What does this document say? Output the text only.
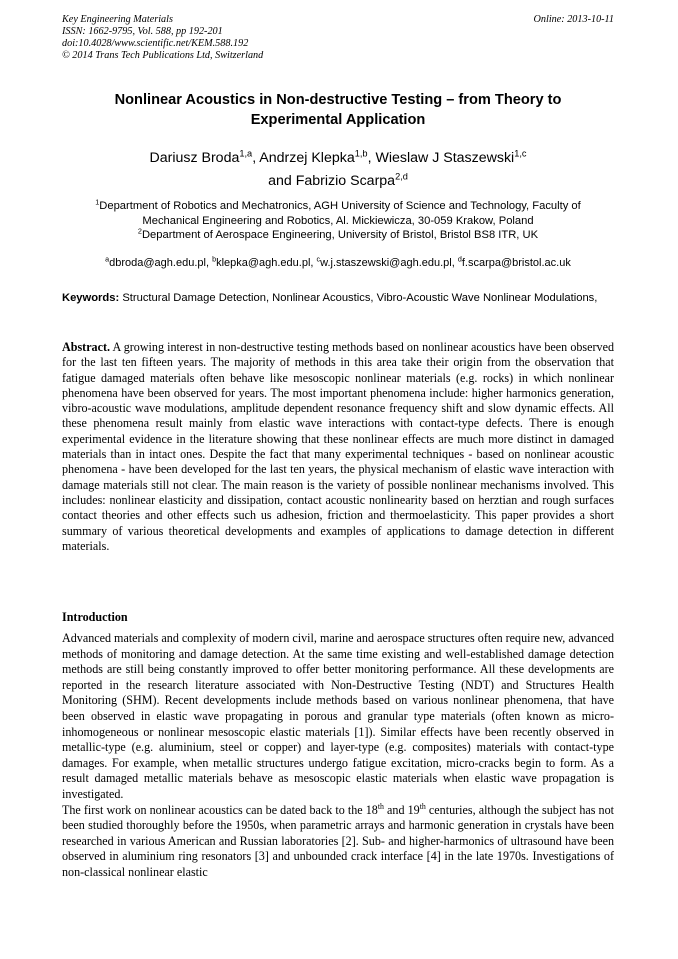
Key Engineering Materials
ISSN: 1662-9795, Vol. 588, pp 192-201
doi:10.4028/www.scientific.net/KEM.588.192
© 2014 Trans Tech Publications Ltd, Switzerland
Online: 2013-10-11
Nonlinear Acoustics in Non-destructive Testing – from Theory to
Experimental Application
Dariusz Broda$^{1,a}$, Andrzej Klepka$^{1,b}$, Wieslaw J Staszewski$^{1,c}$
and Fabrizio Scarpa$^{2,d}$
$^1$Department of Robotics and Mechatronics, AGH University of Science and Technology, Faculty of
Mechanical Engineering and Robotics, Al. Mickiewicza, 30-059 Krakow, Poland
$^2$Department of Aerospace Engineering, University of Bristol, Bristol BS8 ITR, UK
$^a$dbroda@agh.edu.pl, $^b$klepka@agh.edu.pl, $^c$w.j.staszewski@agh.edu.pl, $^d$f.scarpa@bristol.ac.uk
Keywords: Structural Damage Detection, Nonlinear Acoustics, Vibro-Acoustic Wave Nonlinear Modulations,

Abstract. A growing interest in non-destructive testing methods based on nonlinear acoustics have been observed for the last ten fifteen years. The majority of methods in this area take their origin from the observation that fatigue damaged materials often behave like mesoscopic nonlinear materials (e.g. rocks) in which nonlinear phenomena have been observed for years. The most important phenomena include: higher harmonics generation, vibro-acoustic wave modulations, amplitude dependent resonance frequency shift and slow dynamic effects. All these phenomena result mainly from elastic wave interactions with contact-type defects. There is enough experimental evidence in the literature showing that these nonlinear effects are much more distinct in damaged materials than in intact ones. Despite the fact that many experimental techniques - based on nonlinear acoustic phenomena - have been developed for the last ten years, the physical mechanism of elastic wave interaction with damage materials still not clear. The main reason is the variety of possible nonlinear mechanisms involved. This includes: nonlinear elasticity and dissipation, contact acoustic nonlinearity based on herztian and rough surfaces contact theories and other effects such us adhesion, friction and thermoelasticity. This paper provides a short summary of various theoretical developments and examples of applications to damage detection in different materials.

Introduction

Advanced materials and complexity of modern civil, marine and aerospace structures often require new, advanced methods of monitoring and damage detection. At the same time existing and well-established damage detection methods are still being constantly improved to offer better monitoring performance. All these developments are reported in the research literature associated with Non-Destructive Testing (NDT) and Structures Health Monitoring (SHM). Recent developments include methods based on various nonlinear phenomena, that have been observed in elastic wave propagating in porous and granular type materials (often known as micro-inhomogeneous or nonlinear mesoscopic elastic materials [1]). Similar effects have been recently observed in metallic-type (e.g. aluminium, steel or copper) and layer-type (e.g. composites) materials with contact-type damages. For example, when metallic structures undergo fatigue excitation, micro-cracks begin to form. As a result damaged metallic materials behave as mesoscopic elastic materials when elastic wave propagation is investigated.

The first work on nonlinear acoustics can be dated back to the 18th and 19th centuries, although the subject has not been studied thoroughly before the 1950s, when parametric arrays and harmonic generation in crystals have been researched in various American and Russian laboratories [2]. Sub- and higher-harmonics of ultrasound have been observed in aluminium ring resonators [3] and unbounded crack interface [4] in the late 1970s. Investigations of non-classical nonlinear elastic
